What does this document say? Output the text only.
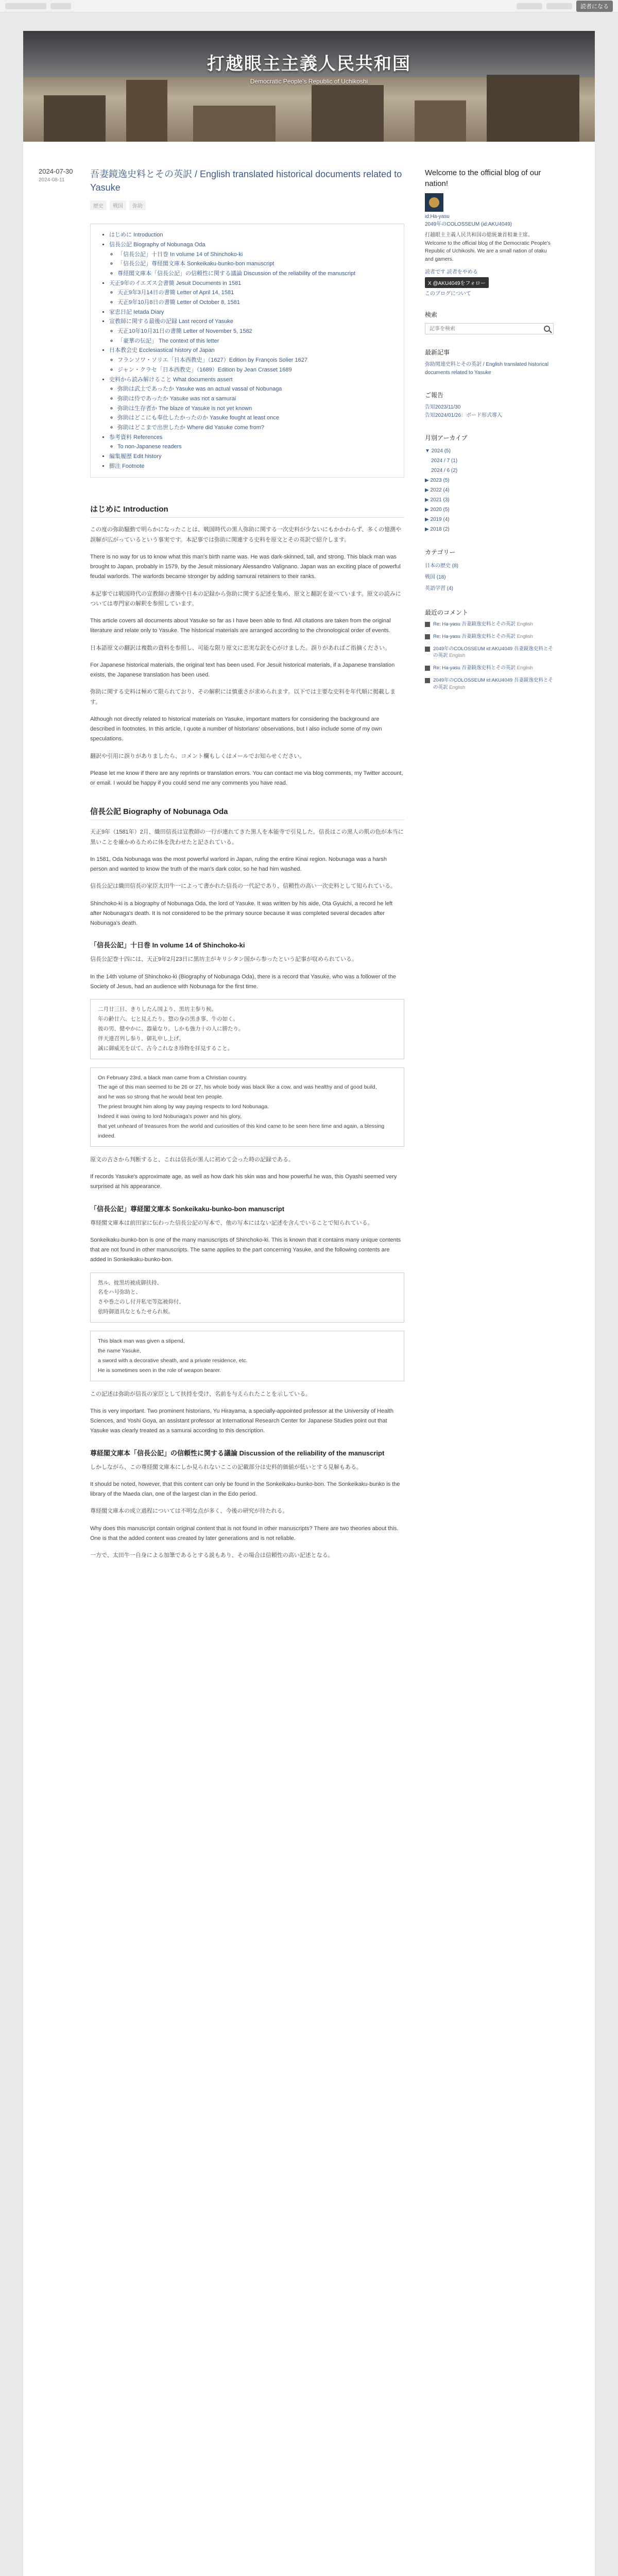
読者になる
打越眼主主義人民共和国
Democratic People's Republic of Uchikoshi
2024-07-30
2024-08-11
吾妻鏡逸史料とその英訳 / English translated historical documents related to Yasuke
歴史	戦国	弥助
• はじめに Introduction
• 信長公記 Biography of Nobunaga Oda
◦ 「信長公記」十日巻 In volume 14 of Shinchoko-ki
◦ 「信長公記」尊経閣文庫本 Sonkeikaku-bunko-bon manuscript
◦ 尊経閣文庫本「信長公記」の信頼性に関する議論 Discussion of the reliability of the manuscript
• 天正9年のイエズス会書簡 Jesuit Documents in 1581
◦ 天正9年3月14日の書簡 Letter of April 14, 1581
◦ 天正9年10月8日の書簡 Letter of October 8, 1581
• 家忠日記 Ietada Diary
• 宣教師に関する最後の記録 Last record of Yasuke
◦ 天正10年10月31日の書簡 Letter of November 5, 1582
◦ 「豪華の伝記」 The context of this letter
• 日本教会史 Ecclesiastical history of Japan
◦ フランソワ・ソリエ「日本西教史」（1627）Edition by François Solier 1627
◦ ジャン・クラセ「日本西教史」（1689）Edition by Jean Crasset 1689
• 史料から読み解けること What documents assert
◦ 弥助は武士であったか Yasuke was an actual vassal of Nobunaga
◦ 弥助は侍であったか Yasuke was not a samurai
◦ 弥助は生存者か The blaze of Yasuke is not yet known
◦ 弥助はどこにも奉仕したかったのか Yasuke fought at least once
◦ 弥助はどこまで出世したか Where did Yasuke come from?
• 参考資料 References
◦ To non-Japanese readers
• 編集履歴 Edit history
• 脚注 Footnote
はじめに Introduction

この度の弥助騒動で明らかになったことは、戦国時代の黒人弥助に関する一次史料が少ないにもかかわらず、多くの憶測や誤解が広がっているという事実です。本記事では弥助に関連する史料を原文とその英訳で紹介します。

There is no way for us to know what this man's birth name was. He was dark-skinned, tall, and strong. This black man was brought to Japan, probably in 1579, by the Jesuit missionary Alessandro Valignano. Japan was an exciting place of powerful feudal warlords. The warlords became stronger by adding samurai retainers to their ranks.

本記事では戦国時代の宣教師の書簡や日本の記録から弥助に関する記述を集め、原文と翻訳を並べています。原文の読みについては専門家の解釈を参照しています。

This article covers all documents about Yasuke so far as I have been able to find. All citations are taken from the original literature and relate only to Yasuke. The historical materials are arranged according to the chronological order of events.

日本語原文の翻訳は複数の資料を参照し、可能な限り原文に忠実な訳を心がけました。誤りがあればご指摘ください。

For Japanese historical materials, the original text has been used. For Jesuit historical materials, if a Japanese translation exists, the Japanese translation has been used.

弥助に関する史料は極めて限られており、その解釈には慎重さが求められます。以下では主要な史料を年代順に掲載します。

Although not directly related to historical materials on Yasuke, important matters for considering the background are described in footnotes. In this article, I quote a number of historians' observations, but I also include some of my own speculations.

翻訳や引用に誤りがありましたら、コメント欄もしくはメールでお知らせください。

Please let me know if there are any reprints or translation errors. You can contact me via blog comments, my Twitter account, or email. I would be happy if you could send me any comments you have read.

信長公記 Biography of Nobunaga Oda

天正9年（1581年）2月、織田信長は宣教師の一行が連れてきた黒人を本能寺で引見した。信長はこの黒人の肌の色が本当に黒いことを確かめるために体を洗わせたと記されている。

In 1581, Oda Nobunaga was the most powerful warlord in Japan, ruling the entire Kinai region. Nobunaga was a harsh person and wanted to know the truth of the man's dark color, so he had him washed.

信長公記は織田信長の家臣太田牛一によって書かれた信長の一代記であり、信頼性の高い一次史料として知られている。

Shinchoko-ki is a biography of Nobunaga Oda, the lord of Yasuke. It was written by his aide, Ota Gyuichi, a record he left after Nobunaga's death. It is not considered to be the primary source because it was completed several decades after Nobunaga's death.

「信長公記」十日巻 In volume 14 of Shinchoko-ki

信長公記巻十四には、天正9年2月23日に黒坊主がキリシタン国から参ったという記事が収められている。

In the 14th volume of Shinchoko-ki (Biography of Nobunaga Oda), there is a record that Yasuke, who was a follower of the Society of Jesus, had an audience with Nobunaga for the first time.

二月廿三日、きりしたん国より、黒坊主参り候。
年の齢廿六、七と見えたり。惣の身の黒き事、牛の如く。
彼の男、健やかに、器量なり。しかも強力十の人に勝たり。
伴天連召列し参り、御礼申し上げ。
誠に御威光を以て、古今これなき珍物を拝見すること。
On February 23rd, a black man came from a Christian country.
The age of this man seemed to be 26 or 27, his whole body was black like a cow, and was healthy and of good build,
and he was so strong that he would beat ten people.
The priest brought him along by way paying respects to lord Nobunaga.
Indeed it was owing to lord Nobunaga's power and his glory,
that yet unheard of treasures from the world and curiosities of this kind came to be seen here time and again, a blessing indeed.

原文の古さから判断すると、これは信長が黒人に初めて会った時の記録である。

If records Yasuke's approximate age, as well as how dark his skin was and how powerful he was, this Oyashi seemed very surprised at his appearance.

「信長公記」尊経閣文庫本 Sonkeikaku-bunko-bon manuscript

尊経閣文庫本は前田家に伝わった信長公記の写本で、他の写本にはない記述を含んでいることで知られている。

Sonkeikaku-bunko-bon is one of the many manuscripts of Shinchoko-ki. This is known that it contains many unique contents that are not found in other manuscripts. The same applies to the part concerning Yasuke, and the following contents are added in Sonkeikaku-bunko-bon.

然ル、彼黒坊被成御扶持、
名をハ号弥助と、
さや巻之のし付并私宅等迄被仰付、
依時御道具なともたせられ候。
This black man was given a stipend,
the name Yasuke,
a sword with a decorative sheath, and a private residence, etc.
He is sometimes seen in the role of weapon bearer.

この記述は弥助が信長の家臣として扶持を受け、名前を与えられたことを示している。

This is very important. Two prominent historians, Yu Hirayama, a specially-appointed professor at the University of Health Sciences, and Yoshi Goya, an assistant professor at International Research Center for Japanese Studies point out that Yasuke was clearly treated as a samurai according to this description.

尊経閣文庫本「信長公記」の信頼性に関する議論 Discussion of the reliability of the manuscript

しかしながら、この尊経閣文庫本にしか見られないここの記載部分は史料的価値が低いとする見解もある。

It should be noted, however, that this content can only be found in the Sonkeikaku-bunko-bon. The Sonkeikaku-bunko is the library of the Maeda clan, one of the largest clan in the Edo period.

尊経閣文庫本の成立過程については不明な点が多く、今後の研究が待たれる。

Why does this manuscript contain original content that is not found in other manuscripts? There are two theories about this. One is that the added content was created by later generations and is not reliable.

一方で、太田牛一自身による加筆であるとする説もあり、その場合は信頼性の高い記述となる。

Welcome to the official blog of our nation!
id:Ha-yasu
2049年のCOLOSSEUM (id:AKU4049)
打越眼主主義人民共和国の総統兼首相兼主席。Welcome to the official blog of the Democratic People's Republic of Uchikoshi. We are a small nation of otaku and gamers.
読者です 読者をやめる
X @AKU4049をフォロー
このブログについて
検索
記事を検索
最新記事
弥助関連史料とその英訳 / English translated historical documents related to Yasuke
ご報告
告知2023/11/30
告知2024/01/26：ボード形式導入
月別アーカイブ
▼ 2024 (5)
2024 / 7 (1)
2024 / 6 (2)
▶ 2023 (5)
▶ 2022 (4)
▶ 2021 (3)
▶ 2020 (5)
▶ 2019 (4)
▶ 2018 (2)
カテゴリー
日本の歴史 (8)
戦国 (18)
英語学習 (4)
最近のコメント
Re: Ha-yasu 吾妻鏡逸史料とその英訳 English
Re: Ha-yasu 吾妻鏡逸史料とその英訳 English
2049年のCOLOSSEUM id:AKU4049 吾妻鏡逸史料とその英訳 English
Re: Ha-yasu 吾妻鏡逸史料とその英訳 English
2049年のCOLOSSEUM id:AKU4049 吾妻鏡逸史料とその英訳 English
